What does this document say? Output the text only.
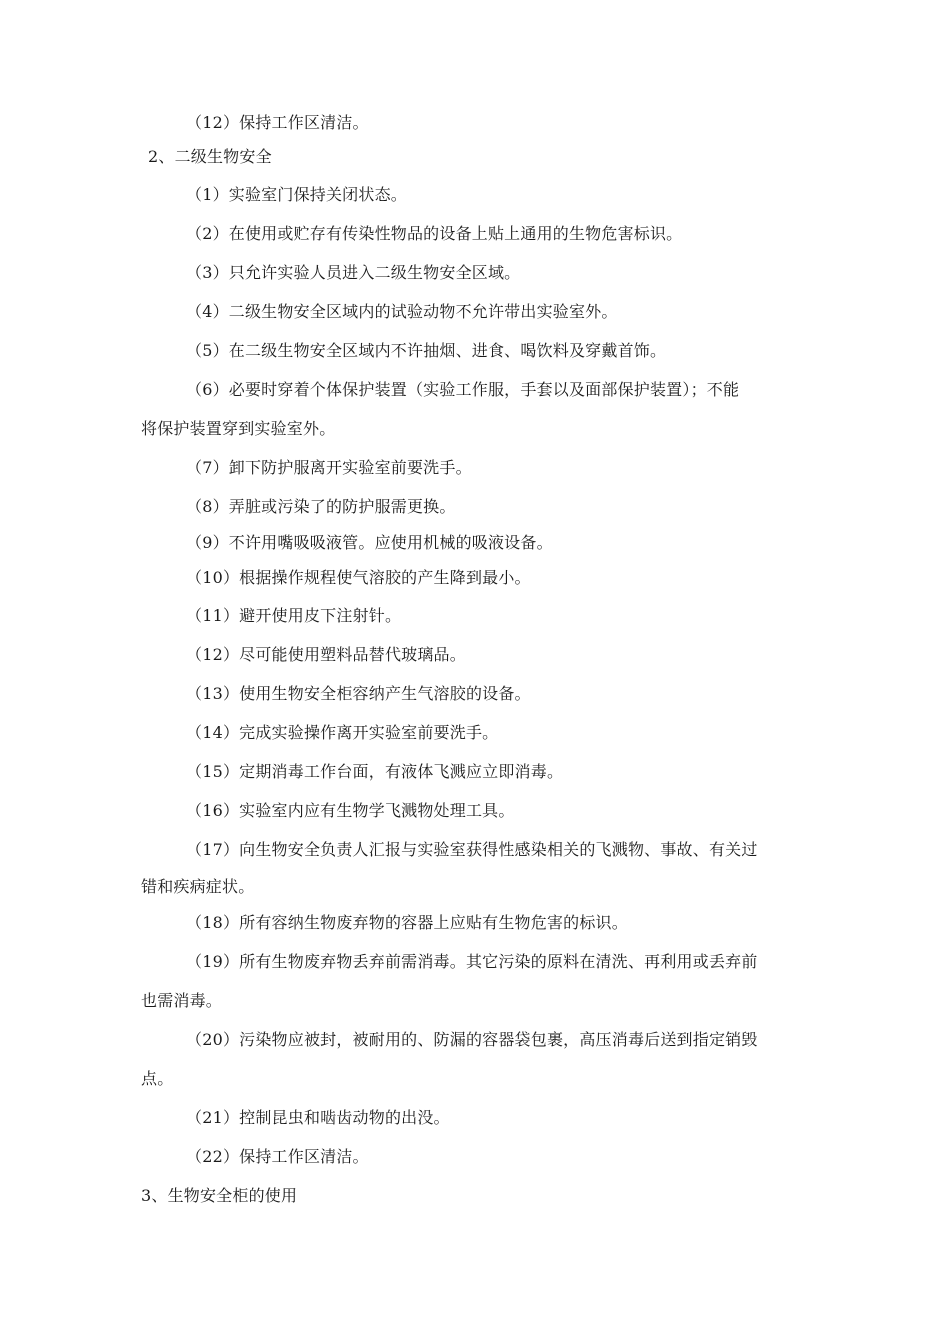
（12）保持工作区清洁。
2、二级生物安全
（1）实验室门保持关闭状态。
（2）在使用或贮存有传染性物品的设备上贴上通用的生物危害标识。
（3）只允许实验人员进入二级生物安全区域。
（4）二级生物安全区域内的试验动物不允许带出实验室外。
（5）在二级生物安全区域内不许抽烟、进食、喝饮料及穿戴首饰。
（6）必要时穿着个体保护装置（实验工作服，手套以及面部保护装置）；不能
将保护装置穿到实验室外。
（7）卸下防护服离开实验室前要洗手。
（8）弄脏或污染了的防护服需更换。
（9）不许用嘴吸吸液管。应使用机械的吸液设备。
（10）根据操作规程使气溶胶的产生降到最小。
（11）避开使用皮下注射针。
（12）尽可能使用塑料品替代玻璃品。
（13）使用生物安全柜容纳产生气溶胶的设备。
（14）完成实验操作离开实验室前要洗手。
（15）定期消毒工作台面，有液体飞溅应立即消毒。
（16）实验室内应有生物学飞溅物处理工具。
（17）向生物安全负责人汇报与实验室获得性感染相关的飞溅物、事故、有关过
错和疾病症状。
（18）所有容纳生物废弃物的容器上应贴有生物危害的标识。
（19）所有生物废弃物丢弃前需消毒。其它污染的原料在清洗、再利用或丢弃前
也需消毒。
（20）污染物应被封，被耐用的、防漏的容器袋包裹，高压消毒后送到指定销毁
点。
（21）控制昆虫和啮齿动物的出没。
（22）保持工作区清洁。
3、生物安全柜的使用
